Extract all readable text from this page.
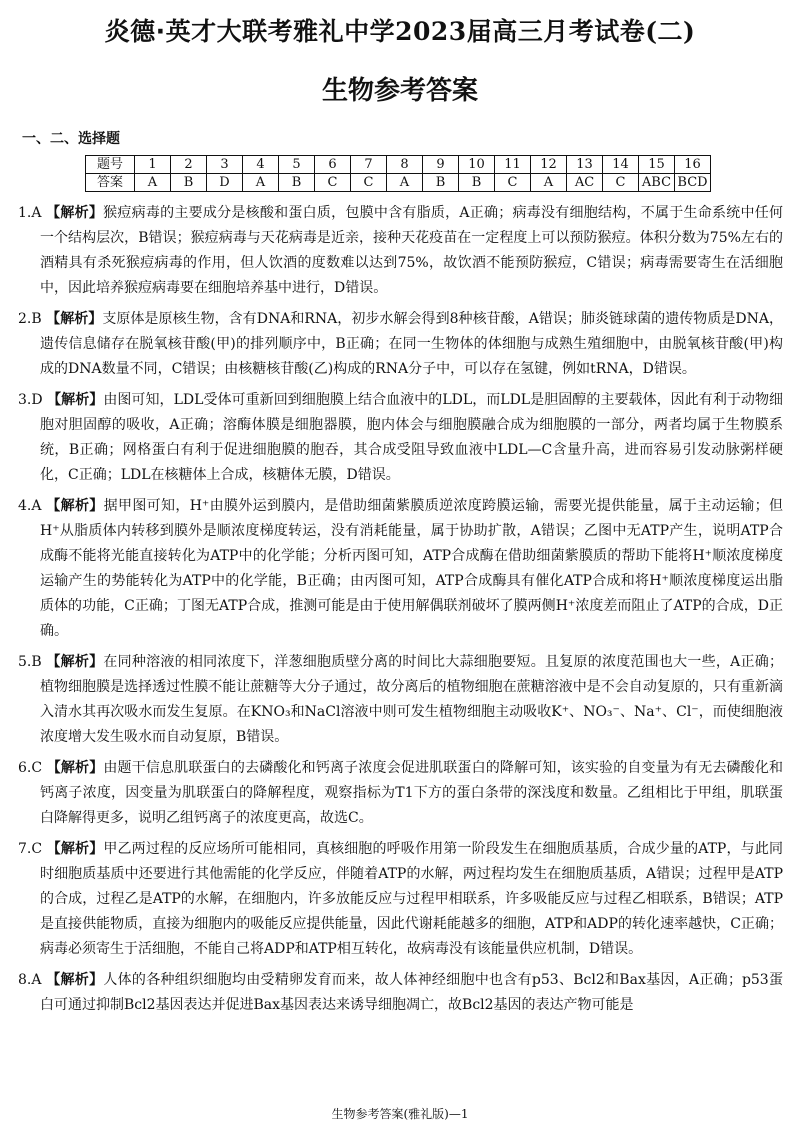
炎德·英才大联考雅礼中学2023届高三月考试卷(二)
生物参考答案
一、二、选择题
题号	1	2	3	4	5	6	7	8	9	10	11	12	13	14	15	16
答案	A	B	D	A	B	C	C	A	B	B	C	A	AC	C	ABC	BCD

1.A 【解析】猴痘病毒的主要成分是核酸和蛋白质，包膜中含有脂质，A正确；病毒没有细胞结构，不属于生命系统中任何一个结构层次，B错误；猴痘病毒与天花病毒是近亲，接种天花疫苗在一定程度上可以预防猴痘。体积分数为75%左右的酒精具有杀死猴痘病毒的作用，但人饮酒的度数难以达到75%，故饮酒不能预防猴痘，C错误；病毒需要寄生在活细胞中，因此培养猴痘病毒要在细胞培养基中进行，D错误。

2.B 【解析】支原体是原核生物，含有DNA和RNA，初步水解会得到8种核苷酸，A错误；肺炎链球菌的遗传物质是DNA，遗传信息储存在脱氧核苷酸(甲)的排列顺序中，B正确；在同一生物体的体细胞与成熟生殖细胞中，由脱氧核苷酸(甲)构成的DNA数量不同，C错误；由核糖核苷酸(乙)构成的RNA分子中，可以存在氢键，例如tRNA，D错误。

3.D 【解析】由图可知，LDL受体可重新回到细胞膜上结合血液中的LDL，而LDL是胆固醇的主要载体，因此有利于动物细胞对胆固醇的吸收，A正确；溶酶体膜是细胞器膜，胞内体会与细胞膜融合成为细胞膜的一部分，两者均属于生物膜系统，B正确；网格蛋白有利于促进细胞膜的胞吞，其合成受阻导致血液中LDL—C含量升高，进而容易引发动脉粥样硬化，C正确；LDL在核糖体上合成，核糖体无膜，D错误。

4.A 【解析】据甲图可知，H⁺由膜外运到膜内，是借助细菌紫膜质逆浓度跨膜运输，需要光提供能量，属于主动运输；但H⁺从脂质体内转移到膜外是顺浓度梯度转运，没有消耗能量，属于协助扩散，A错误；乙图中无ATP产生，说明ATP合成酶不能将光能直接转化为ATP中的化学能；分析丙图可知，ATP合成酶在借助细菌紫膜质的帮助下能将H⁺顺浓度梯度运输产生的势能转化为ATP中的化学能，B正确；由丙图可知，ATP合成酶具有催化ATP合成和将H⁺顺浓度梯度运出脂质体的功能，C正确；丁图无ATP合成，推测可能是由于使用解偶联剂破坏了膜两侧H⁺浓度差而阻止了ATP的合成，D正确。

5.B 【解析】在同种溶液的相同浓度下，洋葱细胞质壁分离的时间比大蒜细胞要短。且复原的浓度范围也大一些，A正确；植物细胞膜是选择透过性膜不能让蔗糖等大分子通过，故分离后的植物细胞在蔗糖溶液中是不会自动复原的，只有重新滴入清水其再次吸水而发生复原。在KNO₃和NaCl溶液中则可发生植物细胞主动吸收K⁺、NO₃⁻、Na⁺、Cl⁻，而使细胞液浓度增大发生吸水而自动复原，B错误。

6.C 【解析】由题干信息肌联蛋白的去磷酸化和钙离子浓度会促进肌联蛋白的降解可知，该实验的自变量为有无去磷酸化和钙离子浓度，因变量为肌联蛋白的降解程度，观察指标为T1下方的蛋白条带的深浅度和数量。乙组相比于甲组，肌联蛋白降解得更多，说明乙组钙离子的浓度更高，故选C。

7.C 【解析】甲乙两过程的反应场所可能相同，真核细胞的呼吸作用第一阶段发生在细胞质基质，合成少量的ATP，与此同时细胞质基质中还要进行其他需能的化学反应，伴随着ATP的水解，两过程均发生在细胞质基质，A错误；过程甲是ATP的合成，过程乙是ATP的水解，在细胞内，许多放能反应与过程甲相联系，许多吸能反应与过程乙相联系，B错误；ATP是直接供能物质，直接为细胞内的吸能反应提供能量，因此代谢耗能越多的细胞，ATP和ADP的转化速率越快，C正确；病毒必须寄生于活细胞，不能自己将ADP和ATP相互转化，故病毒没有该能量供应机制，D错误。

8.A 【解析】人体的各种组织细胞均由受精卵发育而来，故人体神经细胞中也含有p53、Bcl2和Bax基因，A正确；p53蛋白可通过抑制Bcl2基因表达并促进Bax基因表达来诱导细胞凋亡，故Bcl2基因的表达产物可能是

生物参考答案(雅礼版)—1
